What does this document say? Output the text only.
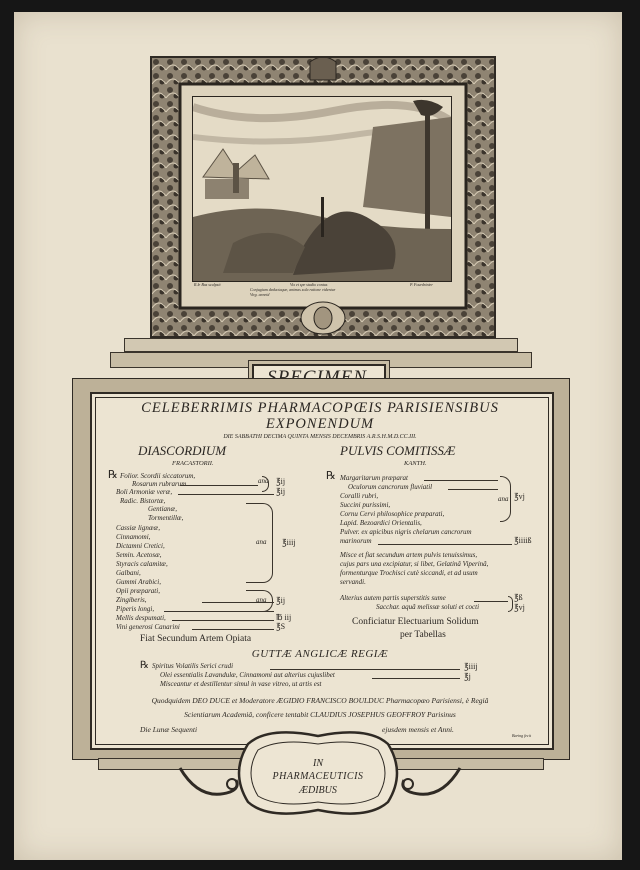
R.le Bas sculpsit	Vix et spe studio contus
Conjugium deductaque, animas sola ratione videntur
P. Fourdrinier
Virg. aeneid
CELEBERRIMIS PHARMACOPŒIS PARISIENSIBUS
EXPONENDUM
DIE SABBATHI DECIMA QUINTA MENSIS DECEMBRIS A.R.S.H.M.D.CC.III.
DIASCORDIUM
FRACASTORII.
℞ Folior. Scordii siccatorum,
Rosarum rubrarum
Boli Armoniæ veræ,
Radic. Bistortæ,
Gentianæ,
Tormentillæ,
Cassiæ lignææ,
Cinnamomi,
Dictamni Cretici,
Semin. Acetosæ,
Styracis calamitæ,
Galbani,
Gummi Arabici,
Opii præparati,
Zingiberis,
Piperis longi,
Mellis despumati,
Vini generosi Canarini
ana
ana
ana
℥ij
℥ij
℥iiij
℥ij
℔ iij
℥S
Fiat Secundum Artem Opiata
PULVIS COMITISSÆ
KANTH.
℞ Margaritarum præparat
Oculorum cancrorum fluviatil
Coralli rubri,
Succini purissimi,
Cornu Cervi philosophice præparati,
Lapid. Bezoardici Orientalis,
Pulver. ex apicibus nigris chelarum cancrorum
marinorum
ana ℥vj
℥iiiiß
Misce et fiat secundum artem pulvis tenuissimus,
cujus pars una excipiatur, si libet, Gelatinâ Viperinâ,
formenturque Trochisci cutè siccandi, et ad usum
servandi.
Alterius autem partis superstitis sume
Sacchar. aquâ melissæ soluti et cocti
℥ß
℥vj
Conficiatur Electuarium Solidum
per Tabellas
GUTTÆ ANGLICÆ REGIÆ
℞ Spiritus Volatilis Serici crudi
Olei essentialis Lavandulæ, Cinnamomi aut alterius cujuslibet
Misceantur et destillentur simul in vase vitreo, ut artis est
℥iiij
℥j
Quodquidem DEO DUCE et Moderatore ÆGIDIO FRANCISCO BOULDUC Pharmacopæo Parisiensi, è Regiâ
Scientiarum Academiâ, conficere tentabit CLAUDIUS JOSEPHUS GEOFFROY Parisinus
Die Lunæ Sequenti	ejusdem mensis et Anni.
Baring fecit
IN
PHARMACEUTICIS
ÆDIBUS
